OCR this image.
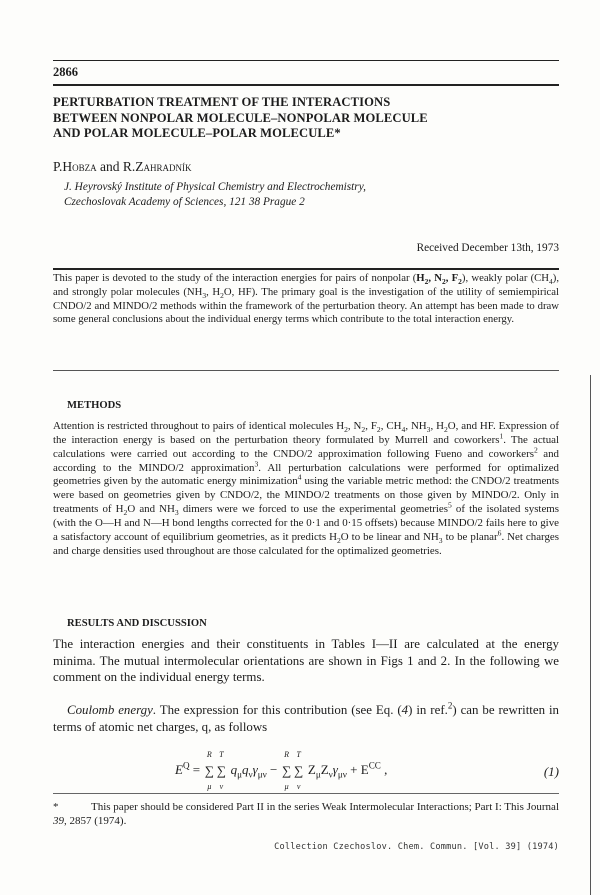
2866
PERTURBATION TREATMENT OF THE INTERACTIONS
BETWEEN NONPOLAR MOLECULE–NONPOLAR MOLECULE
AND POLAR MOLECULE–POLAR MOLECULE*
P.Hobza and R.Zahradník
J. Heyrovský Institute of Physical Chemistry and Electrochemistry,
Czechoslovak Academy of Sciences, 121 38 Prague 2
Received December 13th, 1973
This paper is devoted to the study of the interaction energies for pairs of nonpolar ($H_2$, $N_2$, $F_2$), weakly polar $(CH_4)$, and strongly polar molecules ($NH_3$, $H_2O$, HF). The primary goal is the investigation of the utility of semiempirical CNDO/2 and MINDO/2 methods within the framework of the perturbation theory. An attempt has been made to draw some general conclusions about the individual energy terms which contribute to the total interaction energy.
METHODS
Attention is restricted throughout to pairs of identical molecules $H_2$, $N_2$, $F_2$, $CH_4$, $NH_3$, $H_2O$, and HF. Expression of the interaction energy is based on the perturbation theory formulated by Murrell and coworkers$^1$. The actual calculations were carried out according to the CNDO/2 approximation following Fueno and coworkers$^2$ and according to the MINDO/2 approximation$^3$. All perturbation calculations were performed for optimalized geometries given by the automatic energy minimization$^4$ using the variable metric method: the CNDO/2 treatments were based on geometries given by CNDO/2, the MINDO/2 treatments on those given by MINDO/2. Only in treatments of $H_2O$ and $NH_3$ dimers were we forced to use the experimental geometries$^5$ of the isolated systems (with the O—H and N—H bond lengths corrected for the 0·1 and 0·15 offsets) because MINDO/2 fails here to give a satisfactory account of equilibrium geometries, as it predicts $H_2O$ to be linear and $NH_3$ to be planar$^6$. Net charges and charge densities used throughout are those calculated for the optimalized geometries.
RESULTS AND DISCUSSION
The interaction energies and their constituents in Tables I—II are calculated at the energy minima. The mutual intermolecular orientations are shown in Figs 1 and 2. In the following we comment on the individual energy terms.
Coulomb energy. The expression for this contribution (see Eq. (4) in ref.$^2$) can be rewritten in terms of atomic net charges, q, as follows
$E^Q$ =
R
∑
μ
T
∑
ν
$q_\mu q_\nu\gamma_{\mu\nu}$ −
R
∑
μ
T
∑
ν
$Z_\mu Z_\nu\gamma_{\mu\nu} + E^{CC}$ ,	(1)
*	This paper should be considered Part II in the series Weak Intermolecular Interactions; Part I: This Journal 39, 2857 (1974).
Collection Czechoslov. Chem. Commun. [Vol. 39] (1974)
